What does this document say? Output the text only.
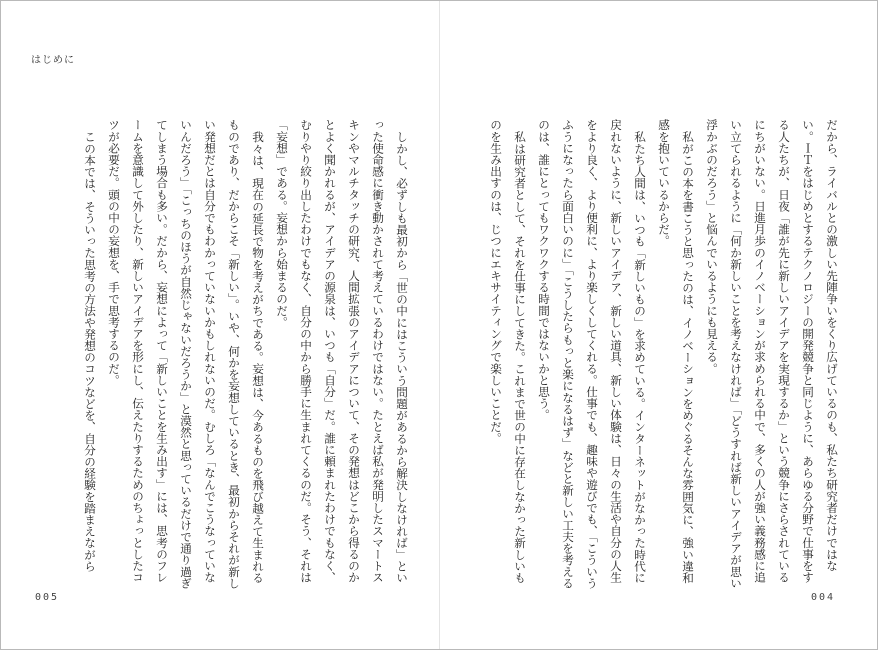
はじめに

だから、ライバルとの激しい先陣争いをくり広げているのも、私たち研究者だけではない。ＩＴをはじめとするテクノロジーの開発競争と同じように、あらゆる分野で仕事をする人たちが、日夜「誰が先に新しいアイデアを実現するか」という競争にさらされているにちがいない。日進月歩のイノベーションが求められる中で、多くの人が強い義務感に追い立てられるように「何か新しいことを考えなければ」「どうすれば新しいアイデアが思い浮かぶのだろう」と悩んでいるようにも見える。

私がこの本を書こうと思ったのは、イノベーションをめぐるそんな雰囲気に、強い違和感を抱いているからだ。

私たち人間は、いつも「新しいもの」を求めている。インターネットがなかった時代に戻れないように、新しいアイデア、新しい道具、新しい体験は、日々の生活や自分の人生をより良く、より便利に、より楽しくしてくれる。仕事でも、趣味や遊びでも、「こういうふうになったら面白いのに」「こうしたらもっと楽になるはず」などと新しい工夫を考えるのは、誰にとってもワクワクする時間ではないかと思う。

私は研究者として、それを仕事にしてきた。これまで世の中に存在しなかった新しいものを生み出すのは、じつにエキサイティングで楽しいことだ。

しかし、必ずしも最初から「世の中にはこういう問題があるから解決しなければ」といった使命感に衝き動かされて考えているわけではない。たとえば私が発明したスマートスキンやマルチタッチの研究、人間拡張のアイデアについて、その発想はどこから得るのかとよく聞かれるが、アイデアの源泉は、いつも「自分」だ。誰に頼まれたわけでもなく、むりやり絞り出したわけでもなく、自分の中から勝手に生まれてくるのだ。そう、それは「妄想」である。妄想から始まるのだ。

我々は、現在の延長で物を考えがちである。妄想は、今あるものを飛び越えて生まれるものであり、だからこそ「新しい」。いや、何かを妄想しているとき、最初からそれが新しい発想だとは自分でもわかっていないかもしれないのだ。むしろ「なんでこうなっていないんだろう」「こっちのほうが自然じゃないだろうか」と漠然と思っているだけで通り過ぎてしまう場合も多い。だから、妄想によって「新しいことを生み出す」には、思考のフレームを意識して外したり、新しいアイデアを形にし、伝えたりするためのちょっとしたコツが必要だ。頭の中の妄想を、手で思考するのだ。

この本では、そういった思考の方法や発想のコツなどを、自分の経験を踏まえながら

005	004
